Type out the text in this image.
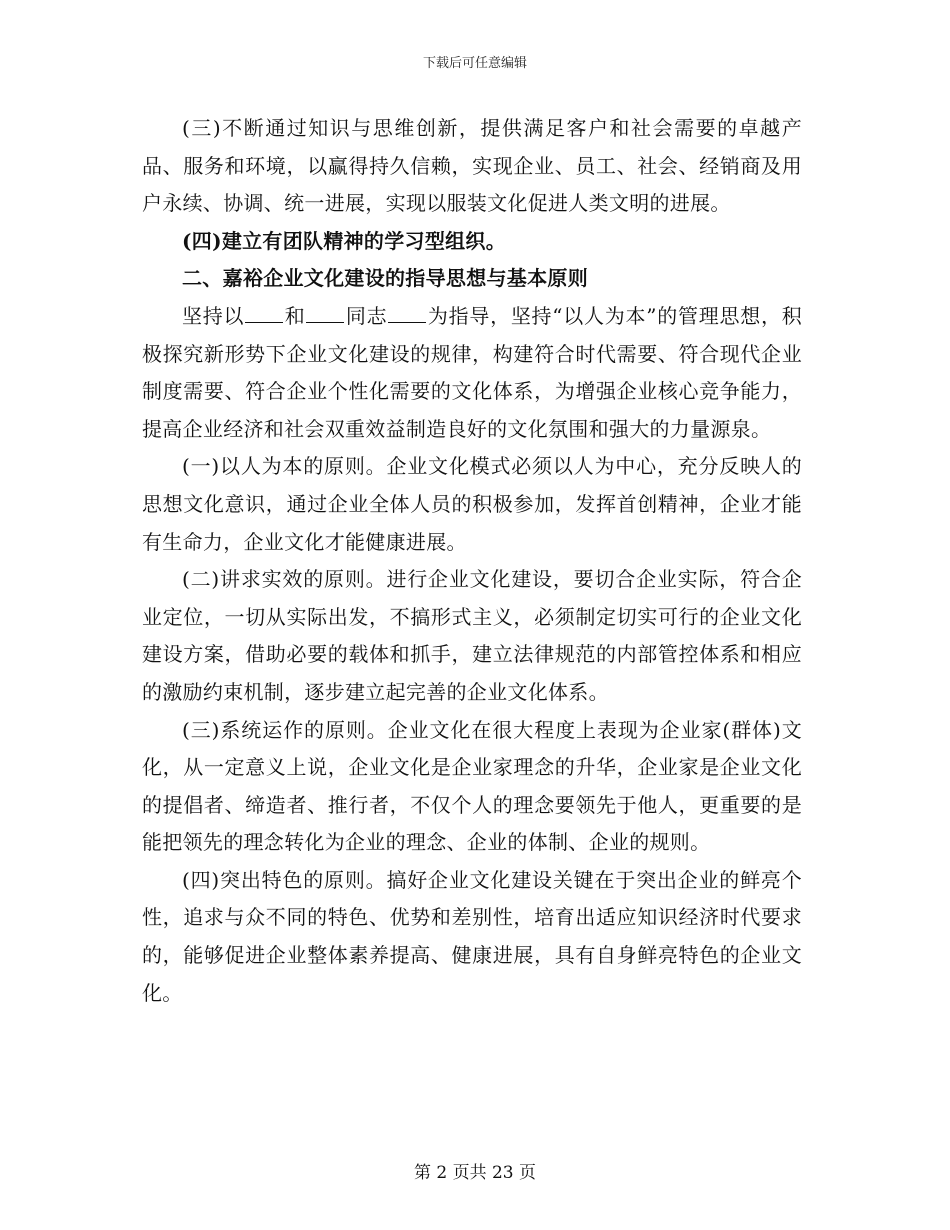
下载后可任意编辑

(三)不断通过知识与思维创新，提供满足客户和社会需要的卓越产品、服务和环境，以赢得持久信赖，实现企业、员工、社会、经销商及用户永续、协调、统一进展，实现以服装文化促进人类文明的进展。

(四)建立有团队精神的学习型组织。

二、嘉裕企业文化建设的指导思想与基本原则

坚持以 和 同志 为指导，坚持“以人为本”的管理思想，积极探究新形势下企业文化建设的规律，构建符合时代需要、符合现代企业制度需要、符合企业个性化需要的文化体系，为增强企业核心竞争能力，提高企业经济和社会双重效益制造良好的文化氛围和强大的力量源泉。

(一)以人为本的原则。企业文化模式必须以人为中心，充分反映人的思想文化意识，通过企业全体人员的积极参加，发挥首创精神，企业才能有生命力，企业文化才能健康进展。

(二)讲求实效的原则。进行企业文化建设，要切合企业实际，符合企业定位，一切从实际出发，不搞形式主义，必须制定切实可行的企业文化建设方案，借助必要的载体和抓手，建立法律规范的内部管控体系和相应的激励约束机制，逐步建立起完善的企业文化体系。

(三)系统运作的原则。企业文化在很大程度上表现为企业家(群体)文化，从一定意义上说，企业文化是企业家理念的升华，企业家是企业文化的提倡者、缔造者、推行者，不仅个人的理念要领先于他人，更重要的是能把领先的理念转化为企业的理念、企业的体制、企业的规则。

(四)突出特色的原则。搞好企业文化建设关键在于突出企业的鲜亮个性，追求与众不同的特色、优势和差别性，培育出适应知识经济时代要求的，能够促进企业整体素养提高、健康进展，具有自身鲜亮特色的企业文化。

第 2 页共 23 页
